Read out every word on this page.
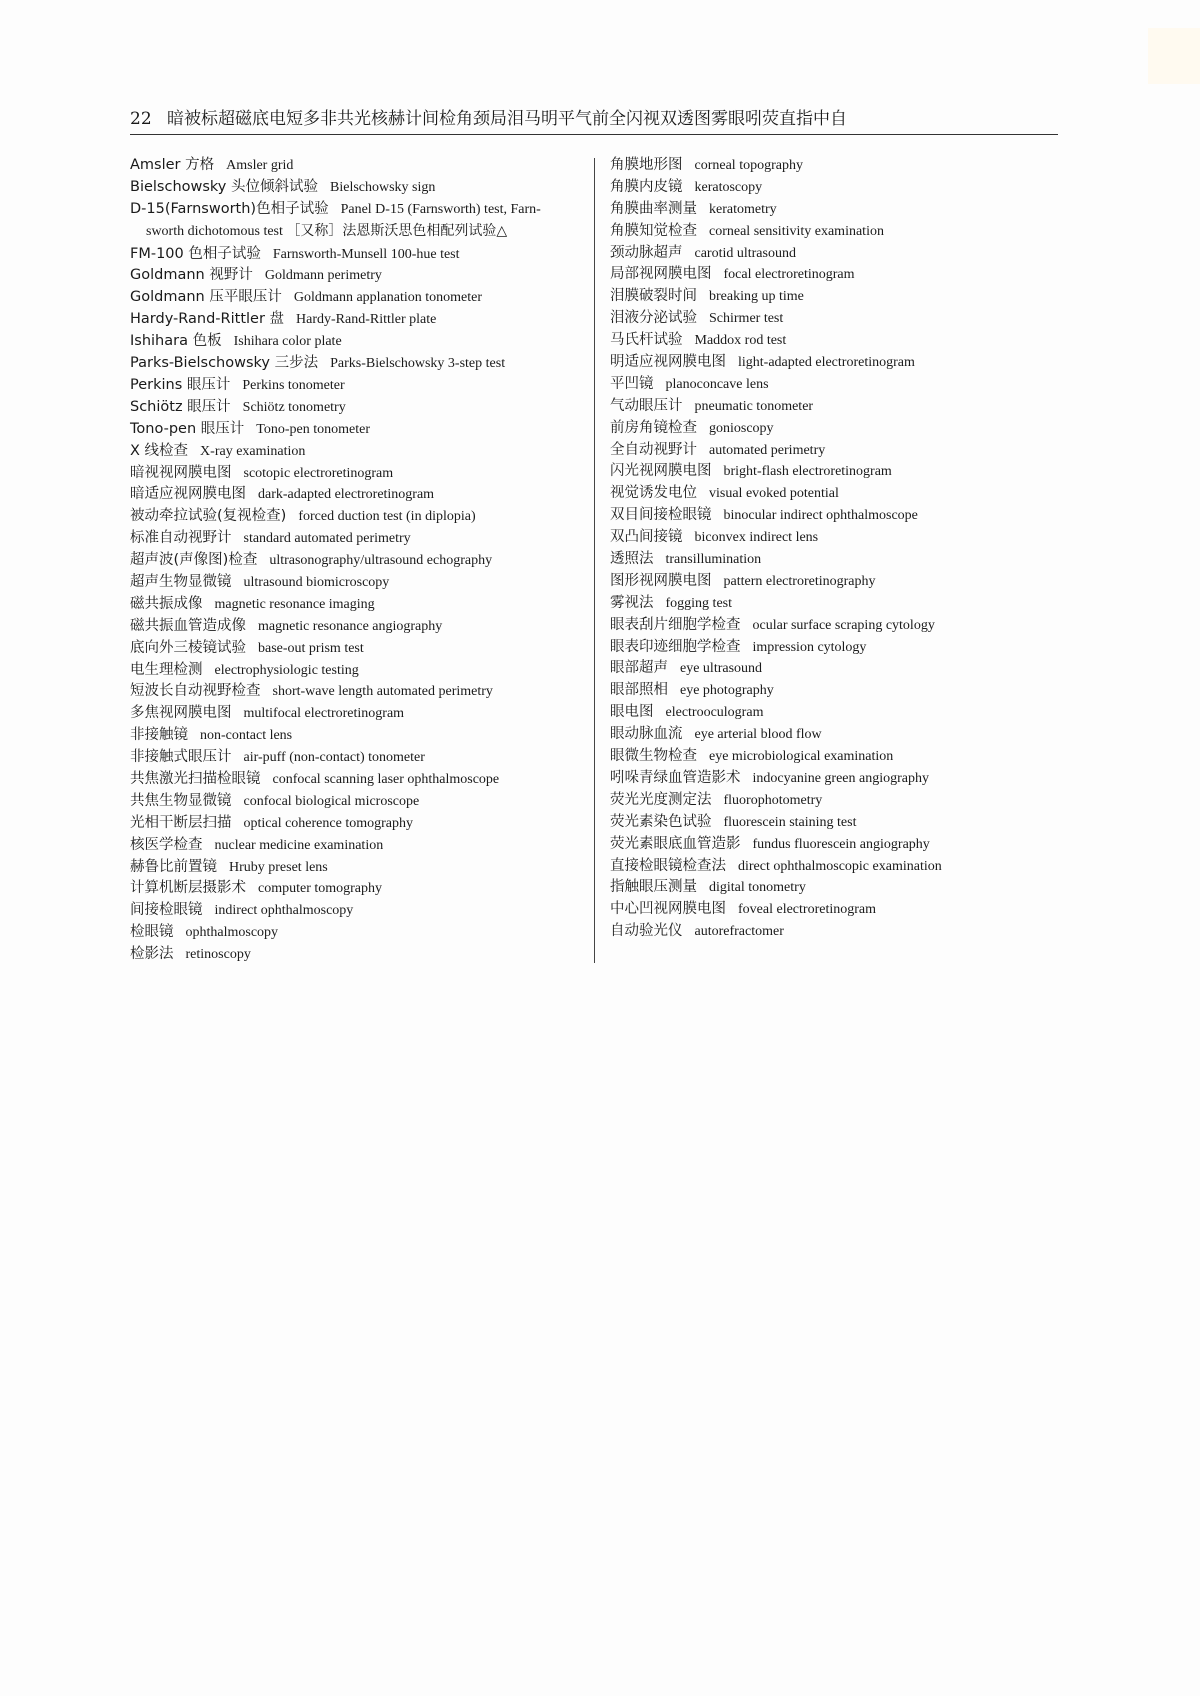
22 暗被标超磁底电短多非共光核赫计间检角颈局泪马明平气前全闪视双透图雾眼吲荧直指中自
Amsler 方格 Amsler grid
Bielschowsky 头位倾斜试验 Bielschowsky sign
D-15(Farnsworth)色相子试验 Panel D-15 (Farnsworth) test, Farn-
sworth dichotomous test ［又称］法恩斯沃思色相配列试验△
FM-100 色相子试验 Farnsworth-Munsell 100-hue test
Goldmann 视野计 Goldmann perimetry
Goldmann 压平眼压计 Goldmann applanation tonometer
Hardy-Rand-Rittler 盘 Hardy-Rand-Rittler plate
Ishihara 色板 Ishihara color plate
Parks-Bielschowsky 三步法 Parks-Bielschowsky 3-step test
Perkins 眼压计 Perkins tonometer
Schiötz 眼压计 Schiötz tonometry
Tono-pen 眼压计 Tono-pen tonometer
X 线检查 X-ray examination
暗视视网膜电图 scotopic electroretinogram
暗适应视网膜电图 dark-adapted electroretinogram
被动牵拉试验(复视检查) forced duction test (in diplopia)
标准自动视野计 standard automated perimetry
超声波(声像图)检查 ultrasonography/ultrasound echography
超声生物显微镜 ultrasound biomicroscopy
磁共振成像 magnetic resonance imaging
磁共振血管造成像 magnetic resonance angiography
底向外三棱镜试验 base-out prism test
电生理检测 electrophysiologic testing
短波长自动视野检查 short-wave length automated perimetry
多焦视网膜电图 multifocal electroretinogram
非接触镜 non-contact lens
非接触式眼压计 air-puff (non-contact) tonometer
共焦激光扫描检眼镜 confocal scanning laser ophthalmoscope
共焦生物显微镜 confocal biological microscope
光相干断层扫描 optical coherence tomography
核医学检查 nuclear medicine examination
赫鲁比前置镜 Hruby preset lens
计算机断层摄影术 computer tomography
间接检眼镜 indirect ophthalmoscopy
检眼镜 ophthalmoscopy
检影法 retinoscopy
角膜地形图 corneal topography
角膜内皮镜 keratoscopy
角膜曲率测量 keratometry
角膜知觉检查 corneal sensitivity examination
颈动脉超声 carotid ultrasound
局部视网膜电图 focal electroretinogram
泪膜破裂时间 breaking up time
泪液分泌试验 Schirmer test
马氏杆试验 Maddox rod test
明适应视网膜电图 light-adapted electroretinogram
平凹镜 planoconcave lens
气动眼压计 pneumatic tonometer
前房角镜检查 gonioscopy
全自动视野计 automated perimetry
闪光视网膜电图 bright-flash electroretinogram
视觉诱发电位 visual evoked potential
双目间接检眼镜 binocular indirect ophthalmoscope
双凸间接镜 biconvex indirect lens
透照法 transillumination
图形视网膜电图 pattern electroretinography
雾视法 fogging test
眼表刮片细胞学检查 ocular surface scraping cytology
眼表印迹细胞学检查 impression cytology
眼部超声 eye ultrasound
眼部照相 eye photography
眼电图 electrooculogram
眼动脉血流 eye arterial blood flow
眼微生物检查 eye microbiological examination
吲哚青绿血管造影术 indocyanine green angiography
荧光光度测定法 fluorophotometry
荧光素染色试验 fluorescein staining test
荧光素眼底血管造影 fundus fluorescein angiography
直接检眼镜检查法 direct ophthalmoscopic examination
指触眼压测量 digital tonometry
中心凹视网膜电图 foveal electroretinogram
自动验光仪 autorefractomer
